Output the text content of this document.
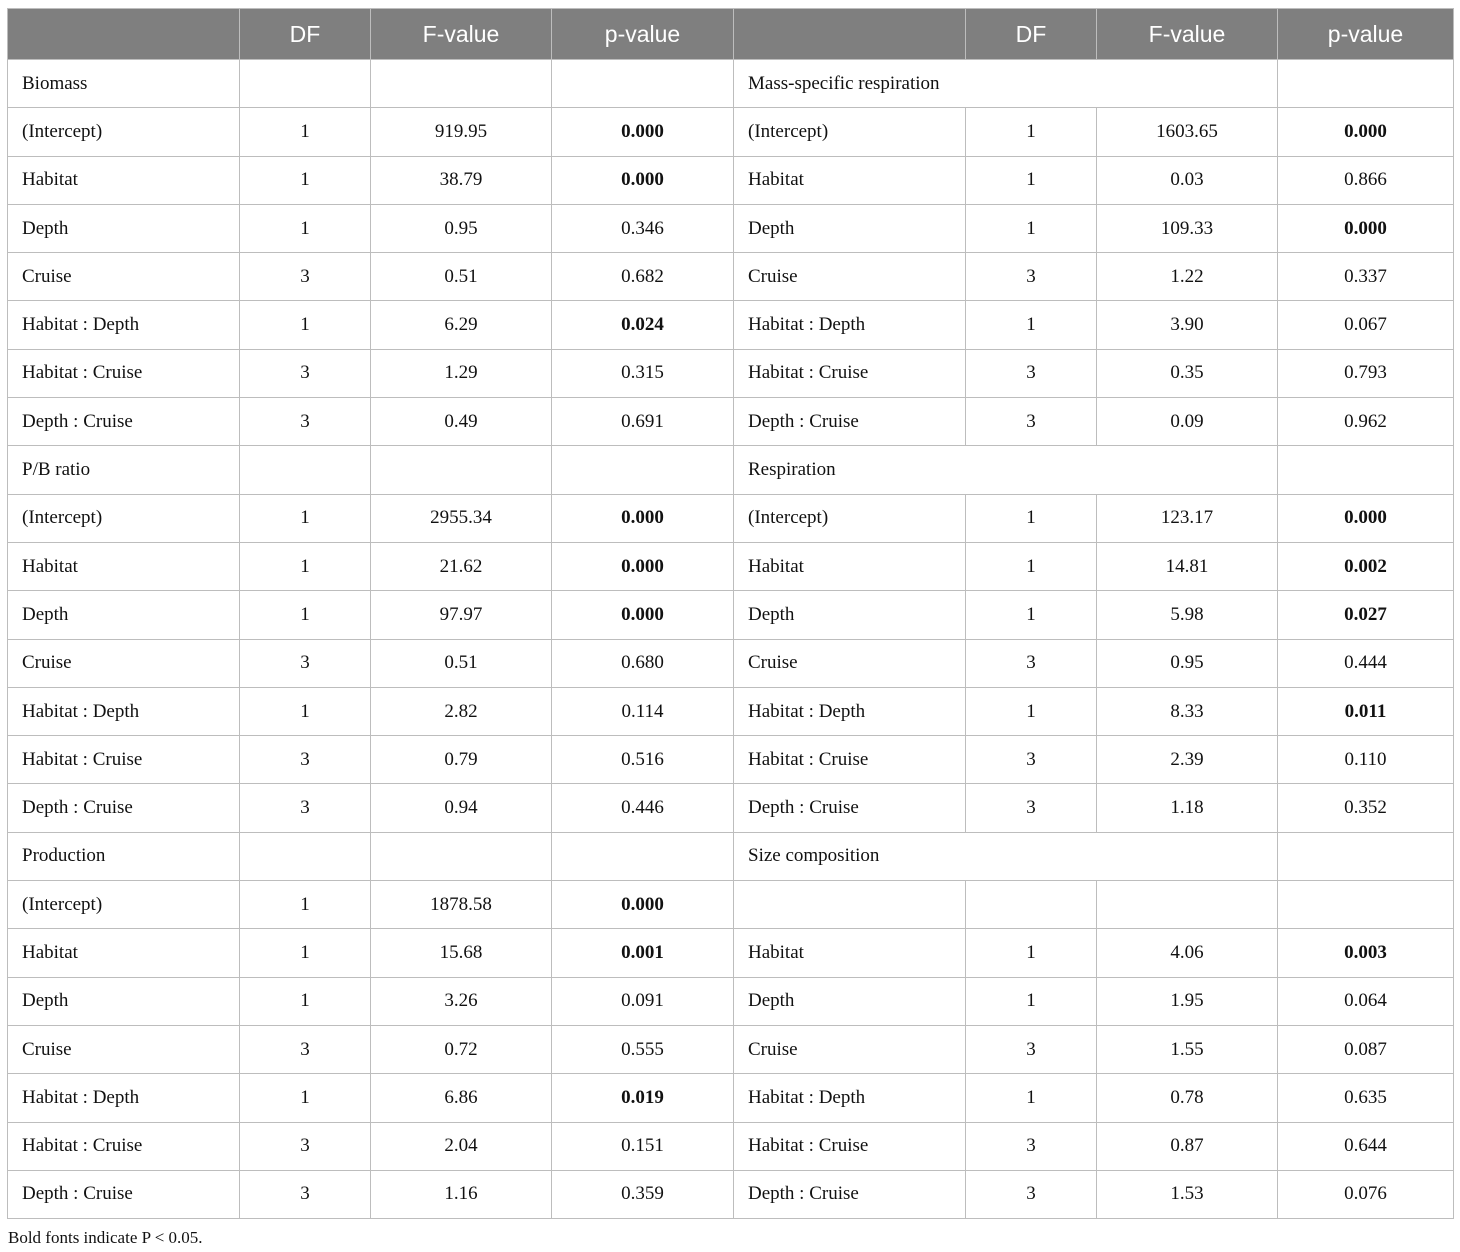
	DF	F-value	p-value		DF	F-value	p-value
Biomass				Mass-specific respiration			
(Intercept)	1	919.95	0.000	(Intercept)	1	1603.65	0.000
Habitat	1	38.79	0.000	Habitat	1	0.03	0.866
Depth	1	0.95	0.346	Depth	1	109.33	0.000
Cruise	3	0.51	0.682	Cruise	3	1.22	0.337
Habitat : Depth	1	6.29	0.024	Habitat : Depth	1	3.90	0.067
Habitat : Cruise	3	1.29	0.315	Habitat : Cruise	3	0.35	0.793
Depth : Cruise	3	0.49	0.691	Depth : Cruise	3	0.09	0.962
P/B ratio				Respiration			
(Intercept)	1	2955.34	0.000	(Intercept)	1	123.17	0.000
Habitat	1	21.62	0.000	Habitat	1	14.81	0.002
Depth	1	97.97	0.000	Depth	1	5.98	0.027
Cruise	3	0.51	0.680	Cruise	3	0.95	0.444
Habitat : Depth	1	2.82	0.114	Habitat : Depth	1	8.33	0.011
Habitat : Cruise	3	0.79	0.516	Habitat : Cruise	3	2.39	0.110
Depth : Cruise	3	0.94	0.446	Depth : Cruise	3	1.18	0.352
Production				Size composition			
(Intercept)	1	1878.58	0.000				
Habitat	1	15.68	0.001	Habitat	1	4.06	0.003
Depth	1	3.26	0.091	Depth	1	1.95	0.064
Cruise	3	0.72	0.555	Cruise	3	1.55	0.087
Habitat : Depth	1	6.86	0.019	Habitat : Depth	1	0.78	0.635
Habitat : Cruise	3	2.04	0.151	Habitat : Cruise	3	0.87	0.644
Depth : Cruise	3	1.16	0.359	Depth : Cruise	3	1.53	0.076
Bold fonts indicate P < 0.05.
